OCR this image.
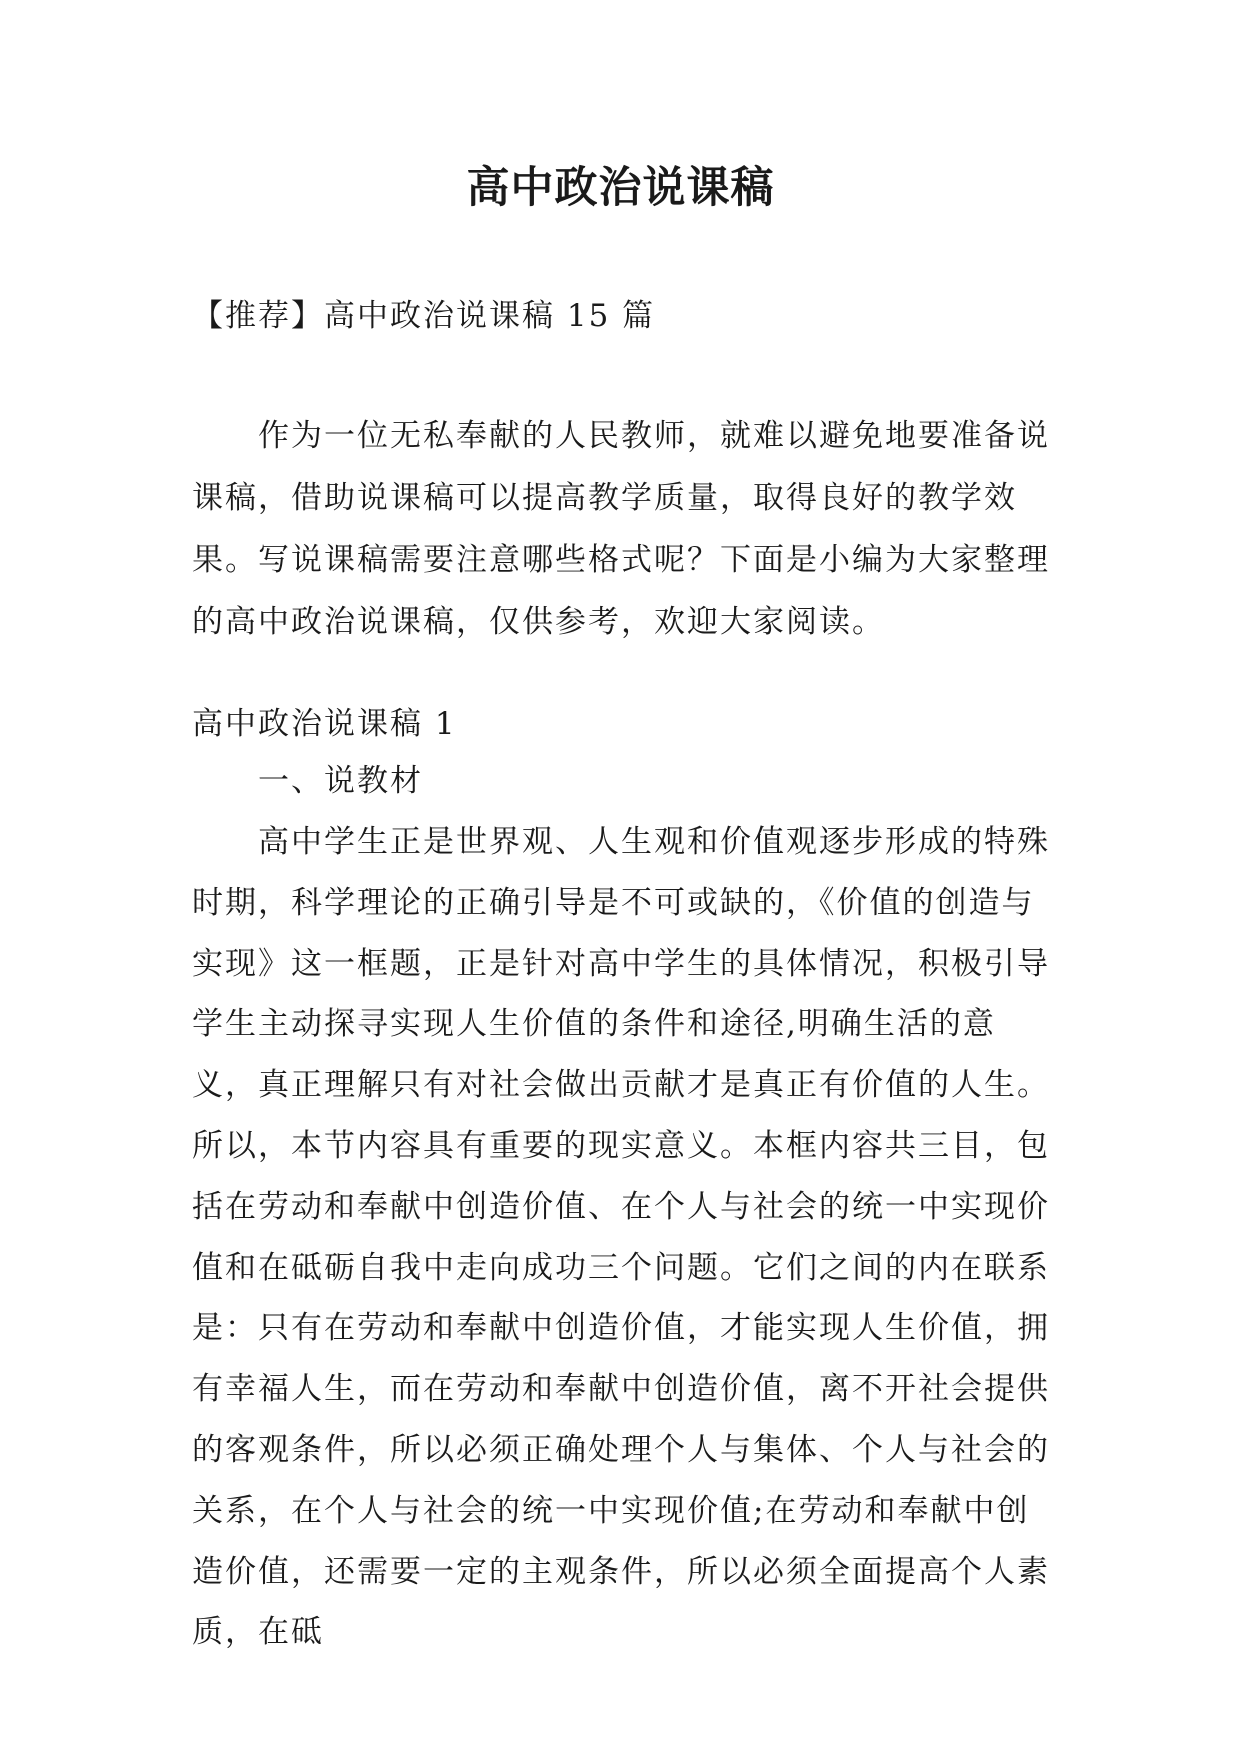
高中政治说课稿
【推荐】高中政治说课稿 15 篇

作为一位无私奉献的人民教师，就难以避免地要准备说课稿，借助说课稿可以提高教学质量，取得良好的教学效果。写说课稿需要注意哪些格式呢？下面是小编为大家整理的高中政治说课稿，仅供参考，欢迎大家阅读。

高中政治说课稿 1
一、说教材

高中学生正是世界观、人生观和价值观逐步形成的特殊时期，科学理论的正确引导是不可或缺的，《价值的创造与实现》这一框题，正是针对高中学生的具体情况，积极引导学生主动探寻实现人生价值的条件和途径,明确生活的意义，真正理解只有对社会做出贡献才是真正有价值的人生。所以，本节内容具有重要的现实意义。本框内容共三目，包括在劳动和奉献中创造价值、在个人与社会的统一中实现价值和在砥砺自我中走向成功三个问题。它们之间的内在联系是：只有在劳动和奉献中创造价值，才能实现人生价值，拥有幸福人生，而在劳动和奉献中创造价值，离不开社会提供的客观条件，所以必须正确处理个人与集体、个人与社会的关系，在个人与社会的统一中实现价值;在劳动和奉献中创造价值，还需要一定的主观条件，所以必须全面提高个人素质，在砥
